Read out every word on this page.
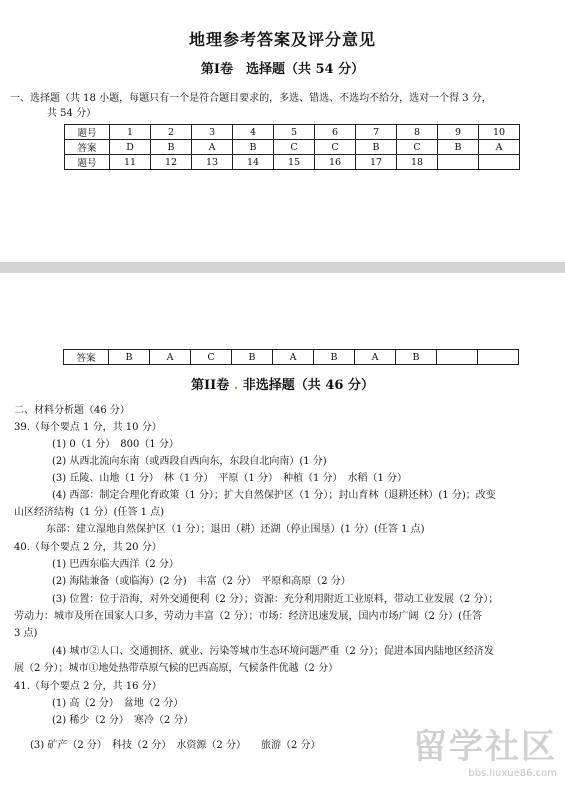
地理参考答案及评分意见
第I卷　选择题（共 54 分）
一、选择题（共 18 小题，每题只有一个是符合题目要求的，多选、错选、不选均不给分，选对一个得 3 分，
共 54 分）
题号	1	2	3	4	5	6	7	8	9	10
答案	D	B	A	B	C	C	B	C	B	A
题号	11	12	13	14	15	16	17	18		
答案	B	A	C	B	A	B	A	B		
第II卷 . 非选择题（共 46 分）
二、材料分析题（46 分）
39.（每个要点 1 分，共 10 分）
(1) 0（1 分）　800（1 分）
(2) 从西北流向东南（或西段自西向东，东段自北向南）(1 分)
(3) 丘陵、山地（1 分）　林（1 分）　平原（1 分）　种植（1 分）　水稻（1 分）
(4) 西部：制定合理化育政策（1 分）；扩大自然保护区（1 分）；封山育林（退耕还林）(1 分)；改变
山区经济结构（1 分）(任答 1 点)
东部：建立湿地自然保护区（1 分）；退田（耕）还湖（停止围垦）(1 分）(任答 1 点)
40.（每个要点 2 分，共 20 分）
(1) 巴西东临大西洋（2 分）
(2) 海陆兼备（或临海）(2 分)　丰富（2 分）　平原和高原（2 分）
(3) 位置：位于沿海，对外交通便利（2 分）；资源：充分利用附近工业原料，带动工业发展（2 分）；
劳动力：城市及所在国家人口多，劳动力丰富（2 分）；市场：经济迅速发展，国内市场广阔（2 分）(任答
3 点)
(4) 城市②人口、交通拥挤、就业、污染等城市生态环境问题严重（2 分）；促进本国内陆地区经济发
展（2 分）；城市①地处热带草原气候的巴西高原，气候条件优越（2 分）
41.（每个要点 2 分，共 16 分）
(1) 高（2 分）　盆地（2 分）
(2) 稀少（2 分）　寒冷（2 分）
(3) 矿产（2 分）　科技（2 分）　水资源（2 分）　　旅游（2 分）	留学社区
bbs.liuxue86.com
